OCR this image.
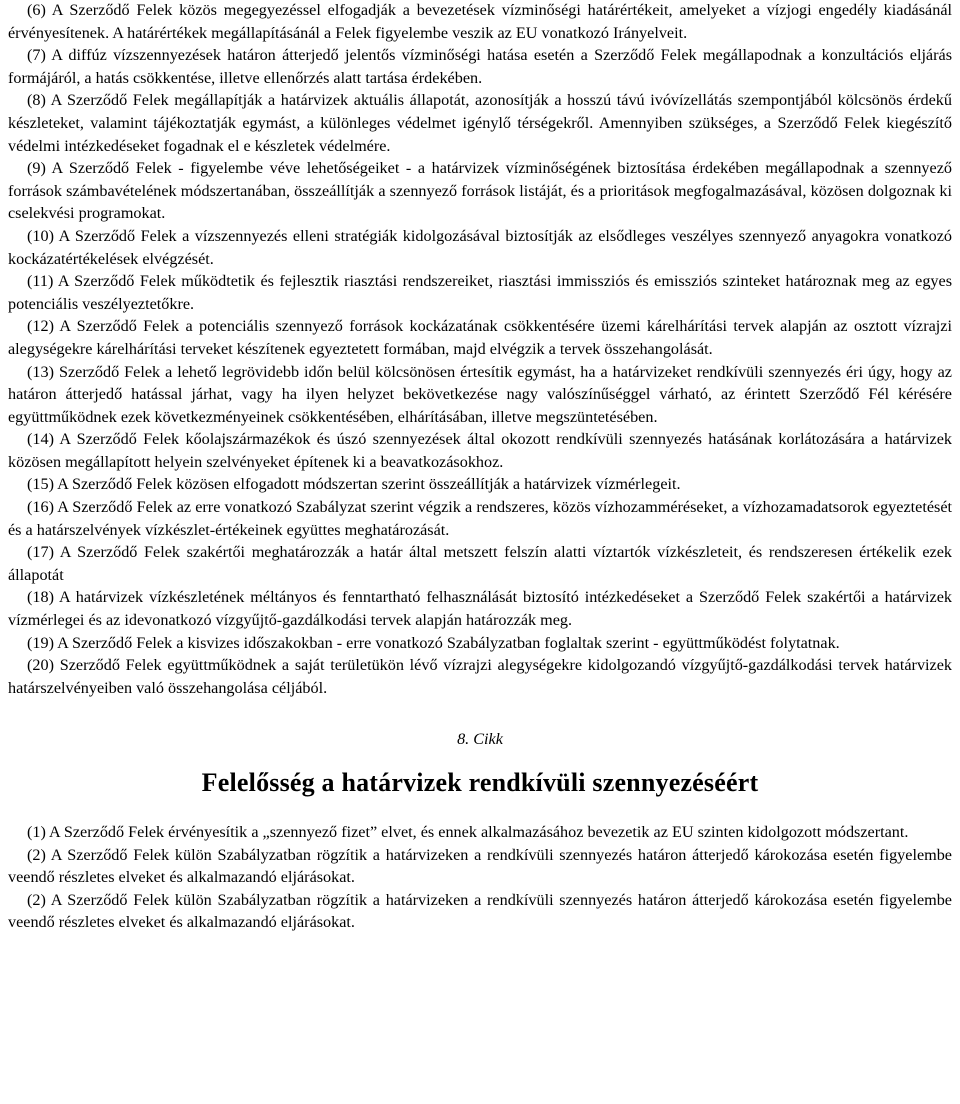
(6) A Szerződő Felek közös megegyezéssel elfogadják a bevezetések vízminőségi határértékeit, amelyeket a vízjogi engedély kiadásánál érvényesítenek. A határértékek megállapításánál a Felek figyelembe veszik az EU vonatkozó Irányelveit.

(7) A diffúz vízszennyezések határon átterjedő jelentős vízminőségi hatása esetén a Szerződő Felek megállapodnak a konzultációs eljárás formájáról, a hatás csökkentése, illetve ellenőrzés alatt tartása érdekében.

(8) A Szerződő Felek megállapítják a határvizek aktuális állapotát, azonosítják a hosszú távú ivóvízellátás szempontjából kölcsönös érdekű készleteket, valamint tájékoztatják egymást, a különleges védelmet igénylő térségekről. Amennyiben szükséges, a Szerződő Felek kiegészítő védelmi intézkedéseket fogadnak el e készletek védelmére.

(9) A Szerződő Felek - figyelembe véve lehetőségeiket - a határvizek vízminőségének biztosítása érdekében megállapodnak a szennyező források számbavételének módszertanában, összeállítják a szennyező források listáját, és a prioritások megfogalmazásával, közösen dolgoznak ki cselekvési programokat.

(10) A Szerződő Felek a vízszennyezés elleni stratégiák kidolgozásával biztosítják az elsődleges veszélyes szennyező anyagokra vonatkozó kockázatértékelések elvégzését.

(11) A Szerződő Felek működtetik és fejlesztik riasztási rendszereiket, riasztási immissziós és emissziós szinteket határoznak meg az egyes potenciális veszélyeztetőkre.

(12) A Szerződő Felek a potenciális szennyező források kockázatának csökkentésére üzemi kárelhárítási tervek alapján az osztott vízrajzi alegységekre kárelhárítási terveket készítenek egyeztetett formában, majd elvégzik a tervek összehangolását.

(13) Szerződő Felek a lehető legrövidebb időn belül kölcsönösen értesítik egymást, ha a határvizeket rendkívüli szennyezés éri úgy, hogy az határon átterjedő hatással járhat, vagy ha ilyen helyzet bekövetkezése nagy valószínűséggel várható, az érintett Szerződő Fél kérésére együttműködnek ezek következményeinek csökkentésében, elhárításában, illetve megszüntetésében.

(14) A Szerződő Felek kőolajszármazékok és úszó szennyezések által okozott rendkívüli szennyezés hatásának korlátozására a határvizek közösen megállapított helyein szelvényeket építenek ki a beavatkozásokhoz.

(15) A Szerződő Felek közösen elfogadott módszertan szerint összeállítják a határvizek vízmérlegeit.

(16) A Szerződő Felek az erre vonatkozó Szabályzat szerint végzik a rendszeres, közös vízhozamméréseket, a vízhozamadatsorok egyeztetését és a határszelvények vízkészlet-értékeinek együttes meghatározását.

(17) A Szerződő Felek szakértői meghatározzák a határ által metszett felszín alatti víztartók vízkészleteit, és rendszeresen értékelik ezek állapotát

(18) A határvizek vízkészletének méltányos és fenntartható felhasználását biztosító intézkedéseket a Szerződő Felek szakértői a határvizek vízmérlegei és az idevonatkozó vízgyűjtő-gazdálkodási tervek alapján határozzák meg.

(19) A Szerződő Felek a kisvizes időszakokban - erre vonatkozó Szabályzatban foglaltak szerint - együttműködést folytatnak.

(20) Szerződő Felek együttműködnek a saját területükön lévő vízrajzi alegységekre kidolgozandó vízgyűjtő-gazdálkodási tervek határvizek határszelvényeiben való összehangolása céljából.

8. Cikk
Felelősség a határvizek rendkívüli szennyezéséért

(1) A Szerződő Felek érvényesítik a „szennyező fizet” elvet, és ennek alkalmazásához bevezetik az EU szinten kidolgozott módszertant.

(2) A Szerződő Felek külön Szabályzatban rögzítik a határvizeken a rendkívüli szennyezés határon átterjedő károkozása esetén figyelembe veendő részletes elveket és alkalmazandó eljárásokat.

(2) A Szerződő Felek külön Szabályzatban rögzítik a határvizeken a rendkívüli szennyezés határon átterjedő károkozása esetén figyelembe veendő részletes elveket és alkalmazandó eljárásokat.
